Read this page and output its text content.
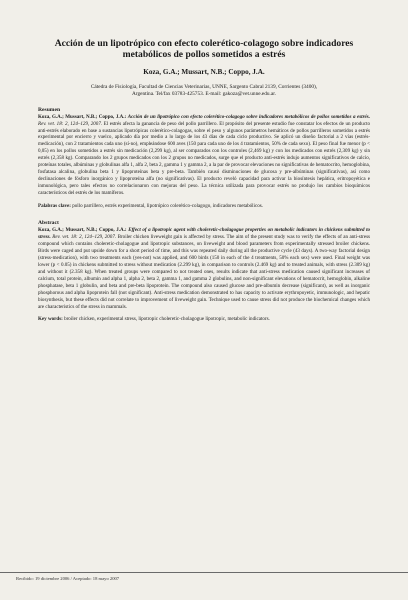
Acción de un lipotrópico con efecto colerético-colagogo sobre indicadores metabólicos de pollos sometidos a estrés
Koza, G.A.; Mussart, N.B.; Coppo, J.A.
Cátedra de Fisiología, Facultad de Ciencias Veterinarias, UNNE, Sargento Cabral 2139, Corrientes (3400),
Argentina. Tel/fax 03783-425753. E-mail: gakoza@vet.unne.edu.ar.
Resumen
Koza, G.A.; Mussart, N.B.; Coppo, J.A.: Acción de un lipotrópico con efecto colerético-colagogo sobre indicadores metabólicos de pollos sometidos a estrés. Rev. vet. 18: 2, 124–129, 2007. El estrés afecta la ganancia de peso del pollo parrillero. El propósito del presente estudio fue constatar los efectos de un producto anti-estrés elaborado en base a sustancias lipotrópicas colerético-colagogas, sobre el peso y algunos parámetros hemáticos de pollos parrilleros sometidos a estrés experimental por encierro y vuelco, aplicado día por medio a lo largo de los 43 días de cada ciclo productivo. Se aplicó un diseño factorial a 2 vías (estrés-medicación), con 2 tratamientos cada uno (sí-no), empleándose 600 aves (150 para cada uno de los 4 tratamientos, 50% de cada sexo). El peso final fue menor (p < 0,05) en los pollos sometidos a estrés sin medicación (2,299 kg), al ser comparados con los controles (2,469 kg) y con los medicados con estrés (2,309 kg) y sin estrés (2,358 kg). Comparando los 2 grupos medicados con los 2 grupos no medicados, surge que el producto anti-estrés indujo aumentos significativos de calcio, proteínas totales, albúminas y globulinas alfa 1, alfa 2, beta 2, gamma 1 y gamma 2, a la par de provocar elevaciones no significativas de hematocrito, hemoglobina, fosfatasa alcalina, globulina beta 1 y lipoproteínas beta y pre-beta. También causó disminuciones de glucosa y pre-albúminas (significativas), así como declinaciones de fósforo inorgánico y lipoproteína alfa (no significativas). El producto reveló capacidad para activar la biosíntesis hepática, eritropoyética e inmunológica, pero tales efectos no correlacionaron con mejoras del peso. La técnica utilizada para provocar estrés no produjo los cambios bioquímicos característicos del estrés de los mamíferos.
Palabras clave: pollo parrillero, estrés experimental, lipotrópico colerético-colagogo, indicadores metabólicos.
Abstract
Koza, G.A.; Mussart, N.B.; Coppo, J.A.: Effect of a lipotropic agent with choleretic-cholagogue properties on metabolic indicators in chickens submitted to stress. Rev. vet. 18: 2, 124–129, 2007. Broiler chicken liveweight gain is affected by stress. The aim of the present study was to verify the effects of an anti-stress compound which contains choleretic-cholagogue and lipotropic substances, on liveweight and blood parameters from experimentally stressed broiler chickens. Birds were caged and put upside down for a short period of time, and this was repeated daily during all the productive cycle (43 days). A two-way factorial design (stress-medication), with two treatments each (yes-not) was applied, and 600 birds (150 in each of the 4 treatments, 50% each sex) were used. Final weight was lower (p < 0.05) in chickens submitted to stress without medication (2.299 kg), in comparison to controls (2.469 kg) and to treated animals, with stress (2.309 kg) and without it (2.358 kg). When treated groups were compared to not treated ones, results indicate that anti-stress medication caused significant increases of calcium, total protein, albumin and alpha 1, alpha 2, beta 2, gamma 1, and gamma 2 globulins, and non-significant elevations of hematocrit, hemoglobin, alkaline phosphatase, beta 1 globulin, and beta and pre-beta lipoprotein. The compound also caused glucose and pre-albumin decrease (significant), as well as inorganic phosphorous and alpha lipoprotein fall (not significant). Anti-stress medication demonstrated to has capacity to activate erythropoyetic, immunologic, and hepatic biosynthesis, but these effects did not correlate to improvement of liveweight gain. Technique used to cause stress did not produce the biochemical changes which are characteristics of the stress in mammals.
Key words: broiler chicken, experimental stress, lipotropic choleretic-cholagogue lipotropic, metabolic indicators.
Recibido: 19 diciembre 2006 / Aceptado: 18 mayo 2007
